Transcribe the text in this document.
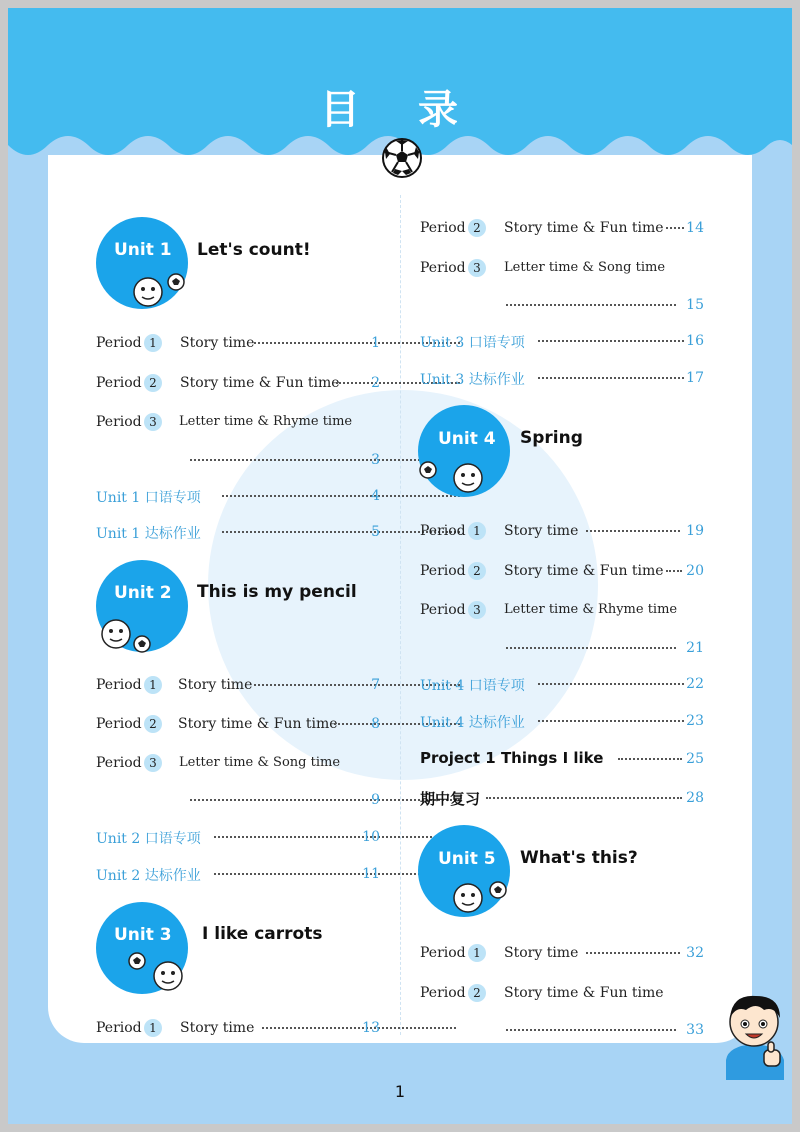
目 录
Unit 1 Let's count!
Period 1	Story time	1
Period 2	Story time & Fun time	2
Period 3	Letter time & Rhyme time
3
Unit 1 口语专项	4
Unit 1 达标作业	5
Unit 2 This is my pencil
Period 1	Story time	7
Period 2	Story time & Fun time	8
Period 3	Letter time & Song time
9
Unit 2 口语专项	10
Unit 2 达标作业	11
Unit 3 I like carrots
Period 1	Story time	13
Period 2	Story time & Fun time	14
Period 3	Letter time & Song time
15
Unit 3 口语专项	16
Unit 3 达标作业	17
Unit 4 Spring
Period 1	Story time	19
Period 2	Story time & Fun time	20
Period 3	Letter time & Rhyme time
21
Unit 4 口语专项	22
Unit 4 达标作业	23
Project 1 Things I like	25
期中复习	28
Unit 5 What's this?
Period 1	Story time	32
Period 2	Story time & Fun time
33
1
